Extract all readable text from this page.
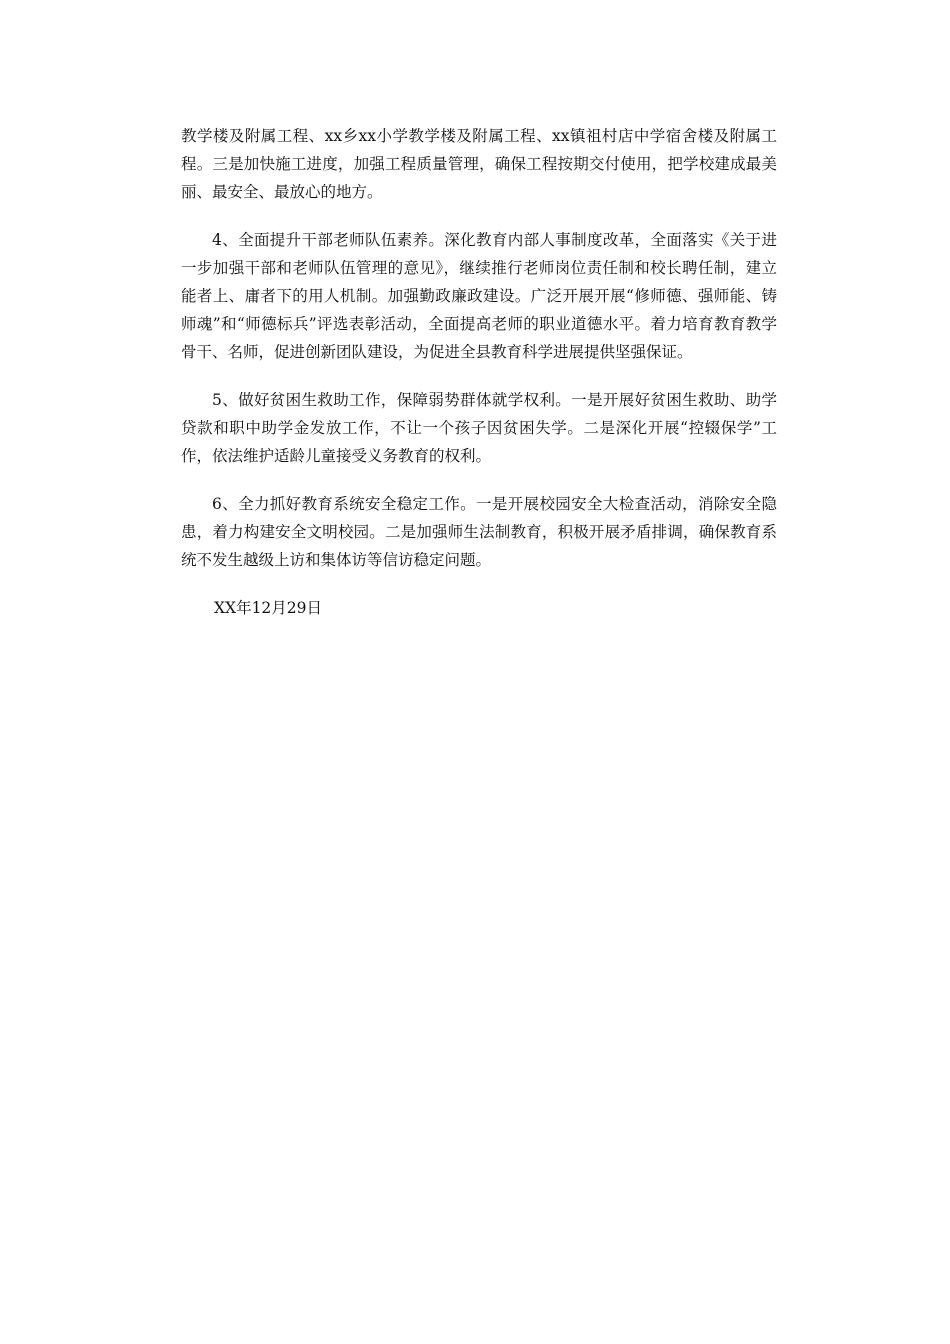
教学楼及附属工程、xx乡xx小学教学楼及附属工程、xx镇祖村店中学宿舍楼及附属工程。三是加快施工进度，加强工程质量管理，确保工程按期交付使用，把学校建成最美丽、最安全、最放心的地方。

4、全面提升干部老师队伍素养。深化教育内部人事制度改革，全面落实《关于进一步加强干部和老师队伍管理的意见》，继续推行老师岗位责任制和校长聘任制，建立能者上、庸者下的用人机制。加强勤政廉政建设。广泛开展开展“修师德、强师能、铸师魂”和“师德标兵”评选表彰活动，全面提高老师的职业道德水平。着力培育教育教学骨干、名师，促进创新团队建设，为促进全县教育科学进展提供坚强保证。

5、做好贫困生救助工作，保障弱势群体就学权利。一是开展好贫困生救助、助学贷款和职中助学金发放工作，不让一个孩子因贫困失学。二是深化开展“控辍保学”工作，依法维护适龄儿童接受义务教育的权利。

6、全力抓好教育系统安全稳定工作。一是开展校园安全大检查活动，消除安全隐患，着力构建安全文明校园。二是加强师生法制教育，积极开展矛盾排调，确保教育系统不发生越级上访和集体访等信访稳定问题。

XX年12月29日
